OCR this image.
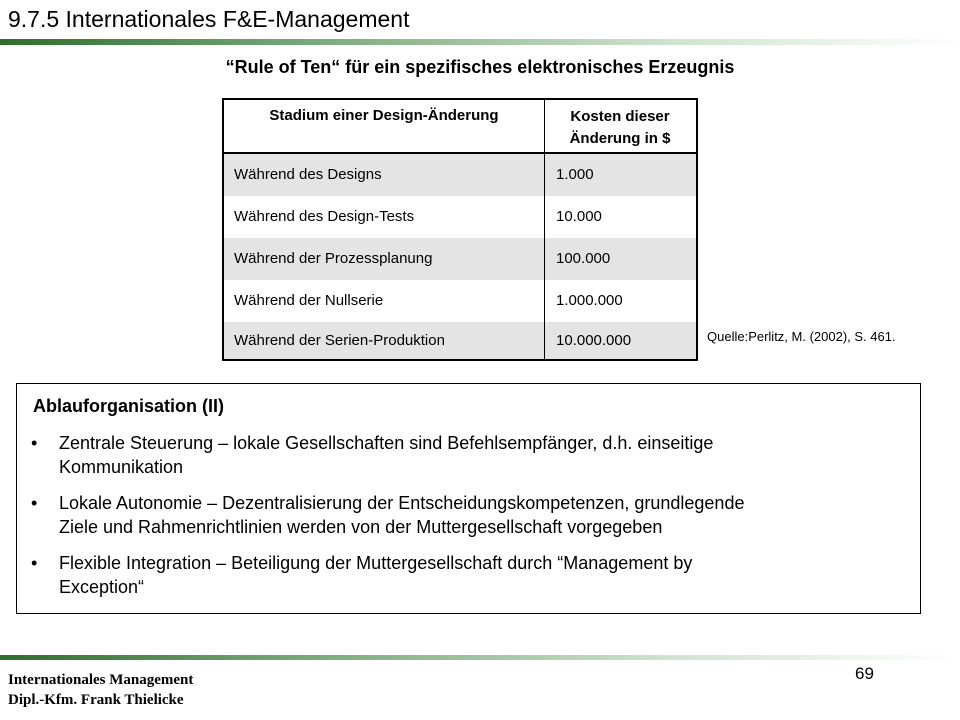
9.7.5 Internationales F&E-Management
“Rule of Ten“ für ein spezifisches elektronisches Erzeugnis
Stadium einer Design-Änderung	Kosten dieser
Änderung in $
Während des Designs	1.000
Während des Design-Tests	10.000
Während der Prozessplanung	100.000
Während der Nullserie	1.000.000
Während der Serien-Produktion	10.000.000	Quelle:Perlitz, M. (2002), S. 461.
Ablauforganisation (II)
• Zentrale Steuerung – lokale Gesellschaften sind Befehlsempfänger, d.h. einseitige
Kommunikation
• Lokale Autonomie – Dezentralisierung der Entscheidungskompetenzen, grundlegende
Ziele und Rahmenrichtlinien werden von der Muttergesellschaft vorgegeben
• Flexible Integration – Beteiligung der Muttergesellschaft durch “Management by
Exception“
Internationales Management
Dipl.-Kfm. Frank Thielicke
69
